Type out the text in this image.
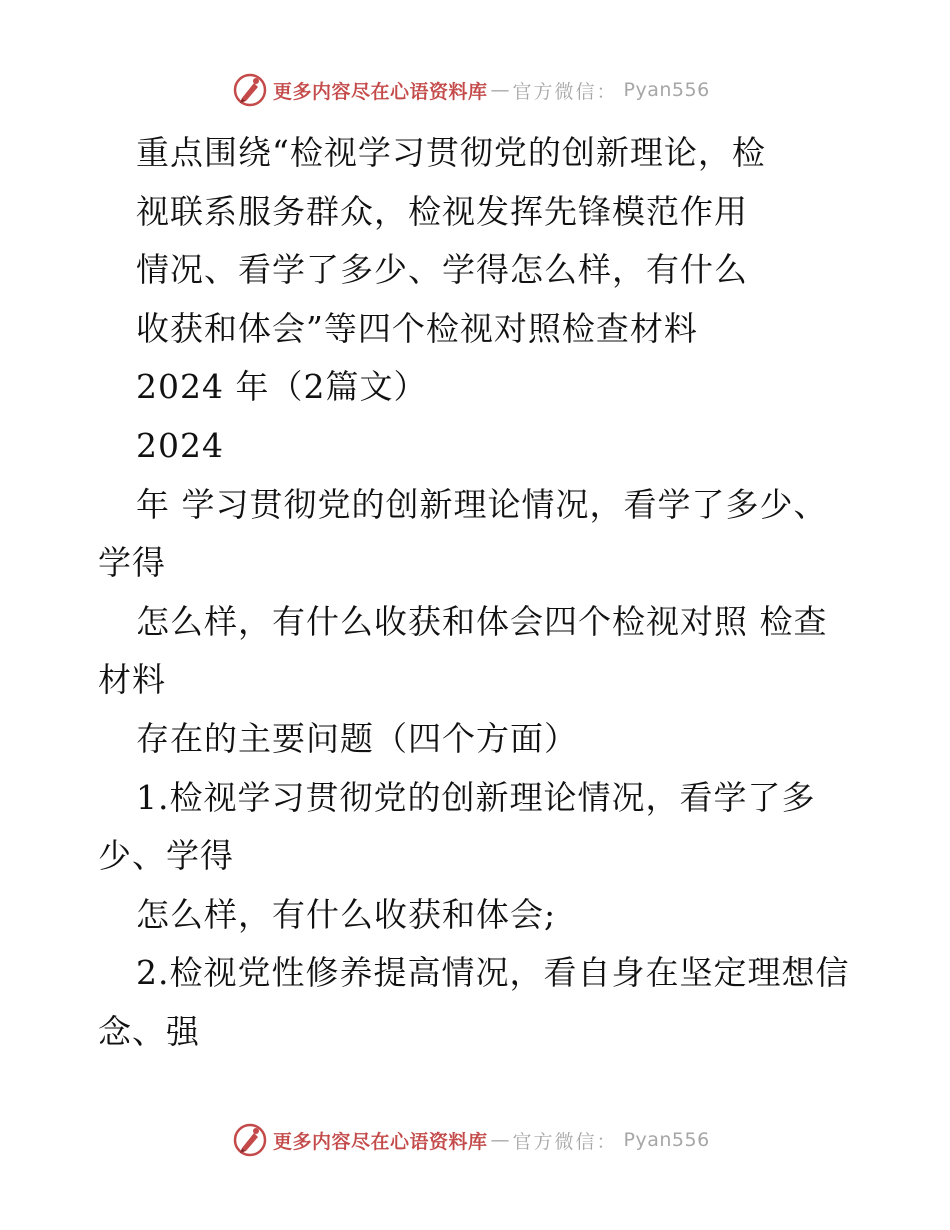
更多内容尽在心语资料库 — 官方微信： Pyan556
重点围绕“检视学习贯彻党的创新理论，检
视联系服务群众，检视发挥先锋模范作用
情况、看学了多少、学得怎么样，有什么
收获和体会”等四个检视对照检查材料
2024 年（2篇文）
2024
年 学习贯彻党的创新理论情况，看学了多少、
学得
怎么样，有什么收获和体会四个检视对照 检查
材料
存在的主要问题（四个方面）
1.检视学习贯彻党的创新理论情况，看学了多
少、学得
怎么样，有什么收获和体会;
2.检视党性修养提高情况，看自身在坚定理想信
念、强
更多内容尽在心语资料库 — 官方微信： Pyan556
